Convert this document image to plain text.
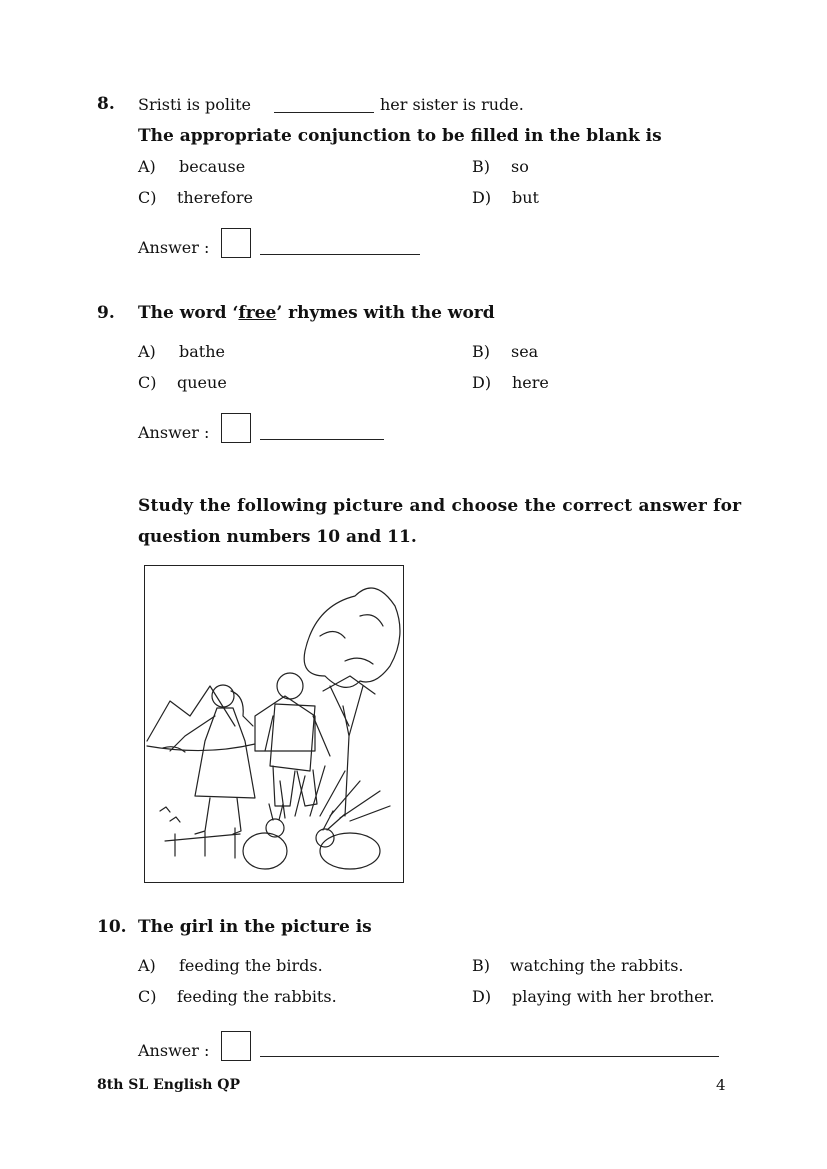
8. Sristi is polite	her sister is rude.
The appropriate conjunction to be filled in the blank is
A) because	B) so
C) therefore	D) but
Answer :
9. The word ‘free’ rhymes with the word
A) bathe	B) sea
C) queue	D) here
Answer :
Study the following picture and choose the correct answer for
question numbers 10 and 11.
10. The girl in the picture is
A) feeding the birds.	B) watching the rabbits.
C) feeding the rabbits.	D) playing with her brother.
Answer :
8th SL English QP	4
